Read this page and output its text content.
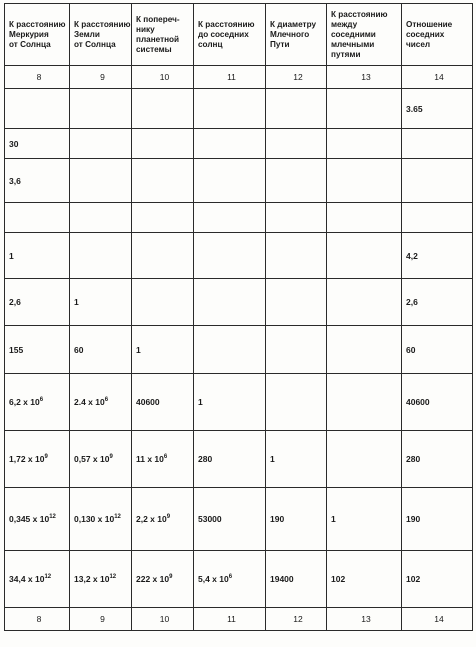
К расстоянию
Меркурия
от Солнца	К расстоянию
Земли
от Солнца	К попереч-
нику
планетной
системы	К расстоянию
до соседних
солнц	К диаметру
Млечного
Пути	К расстоянию
между
соседними
млечными
путями	Отношение
соседних
чисел
8	9	10	11	12	13	14
						3.65
30						
3,6						

1						4,2
2,6	1					2,6
155	60	1				60
6,2 x $10^6$	2.4 x $10^6$	40600	1			40600
1,72 x $10^9$	0,57 x $10^9$	11 x $10^6$	280	1		280
0,345 x $10^{12}$	0,130 x $10^{12}$	2,2 x $10^9$	53000	190	1	190
34,4 x $10^{12}$	13,2 x $10^{12}$	222 x $10^9$	5,4 x $10^6$	19400	102	102
8	9	10	11	12	13	14
